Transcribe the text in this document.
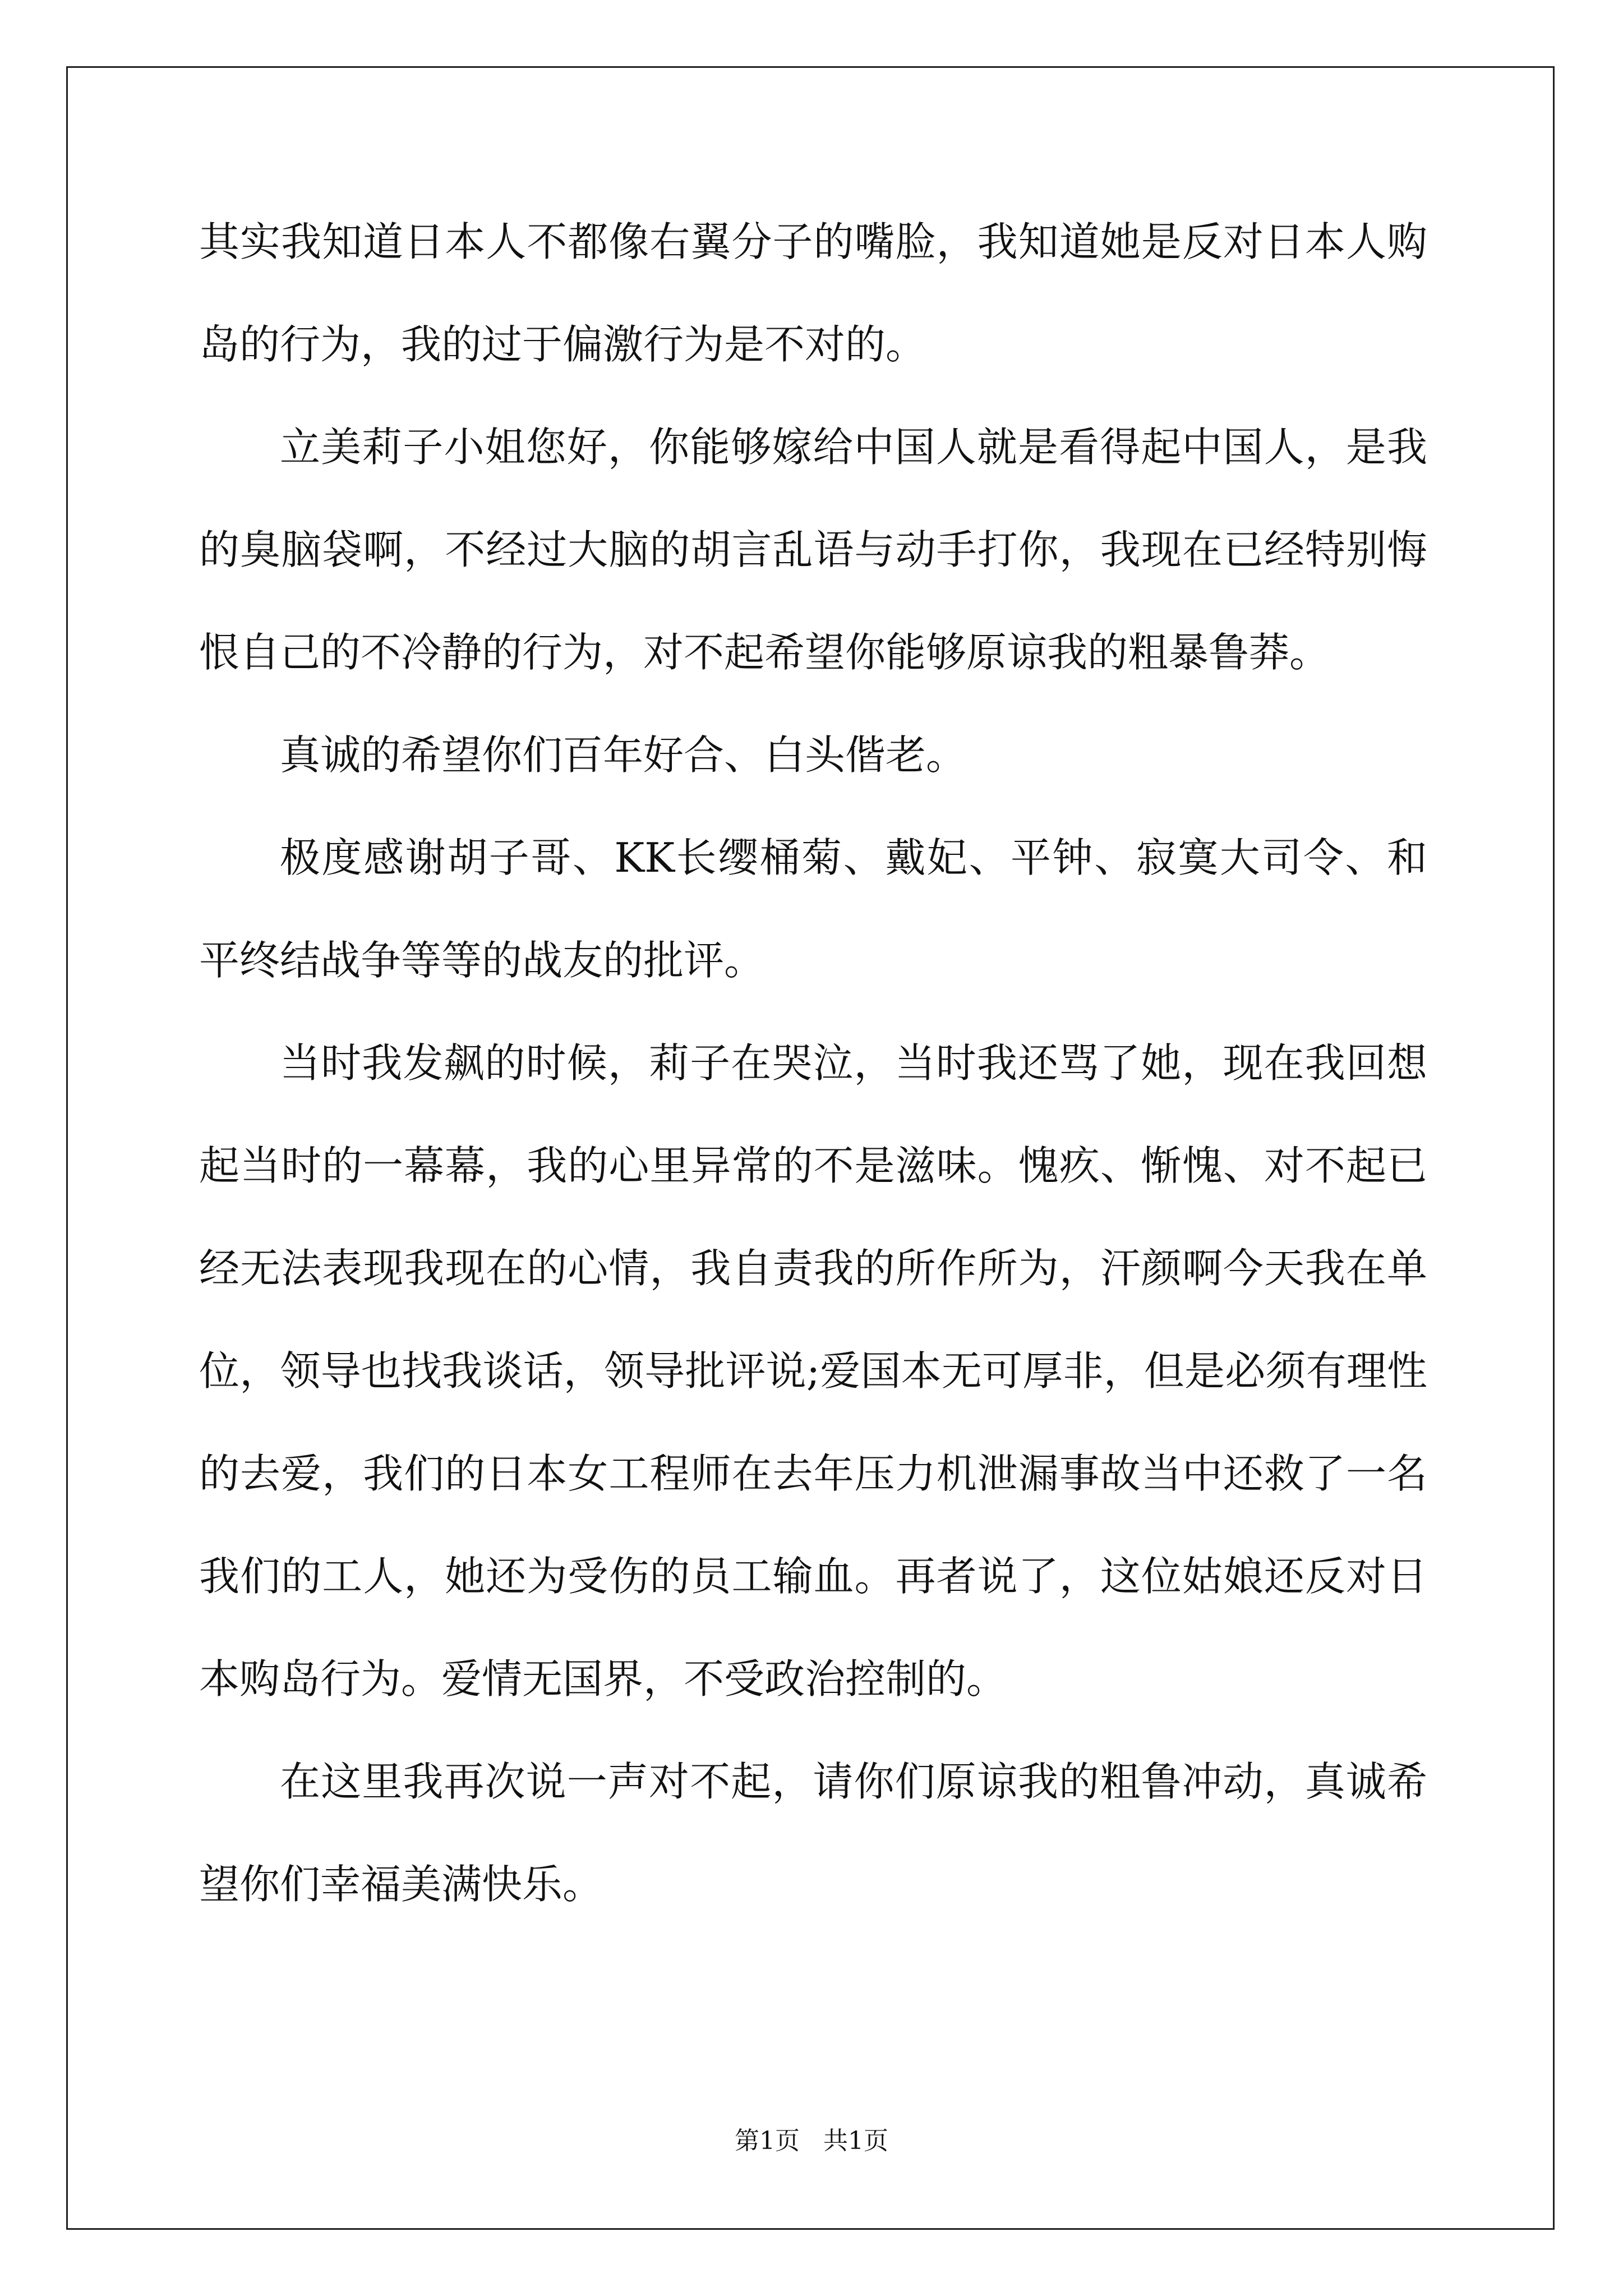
其实我知道日本人不都像右翼分子的嘴脸，我知道她是反对日本人购岛的行为，我的过于偏激行为是不对的。

立美莉子小姐您好，你能够嫁给中国人就是看得起中国人，是我的臭脑袋啊，不经过大脑的胡言乱语与动手打你，我现在已经特别悔恨自己的不冷静的行为，对不起希望你能够原谅我的粗暴鲁莽。

真诚的希望你们百年好合、白头偕老。

极度感谢胡子哥、KK长缨桶菊、戴妃、平钟、寂寞大司令、和平终结战争等等的战友的批评。

当时我发飙的时候，莉子在哭泣，当时我还骂了她，现在我回想起当时的一幕幕，我的心里异常的不是滋味。愧疚、惭愧、对不起已经无法表现我现在的心情，我自责我的所作所为，汗颜啊今天我在单位，领导也找我谈话，领导批评说;爱国本无可厚非，但是必须有理性的去爱，我们的日本女工程师在去年压力机泄漏事故当中还救了一名我们的工人，她还为受伤的员工输血。再者说了，这位姑娘还反对日本购岛行为。爱情无国界，不受政治控制的。

在这里我再次说一声对不起，请你们原谅我的粗鲁冲动，真诚希望你们幸福美满快乐。

第1页   共1页
